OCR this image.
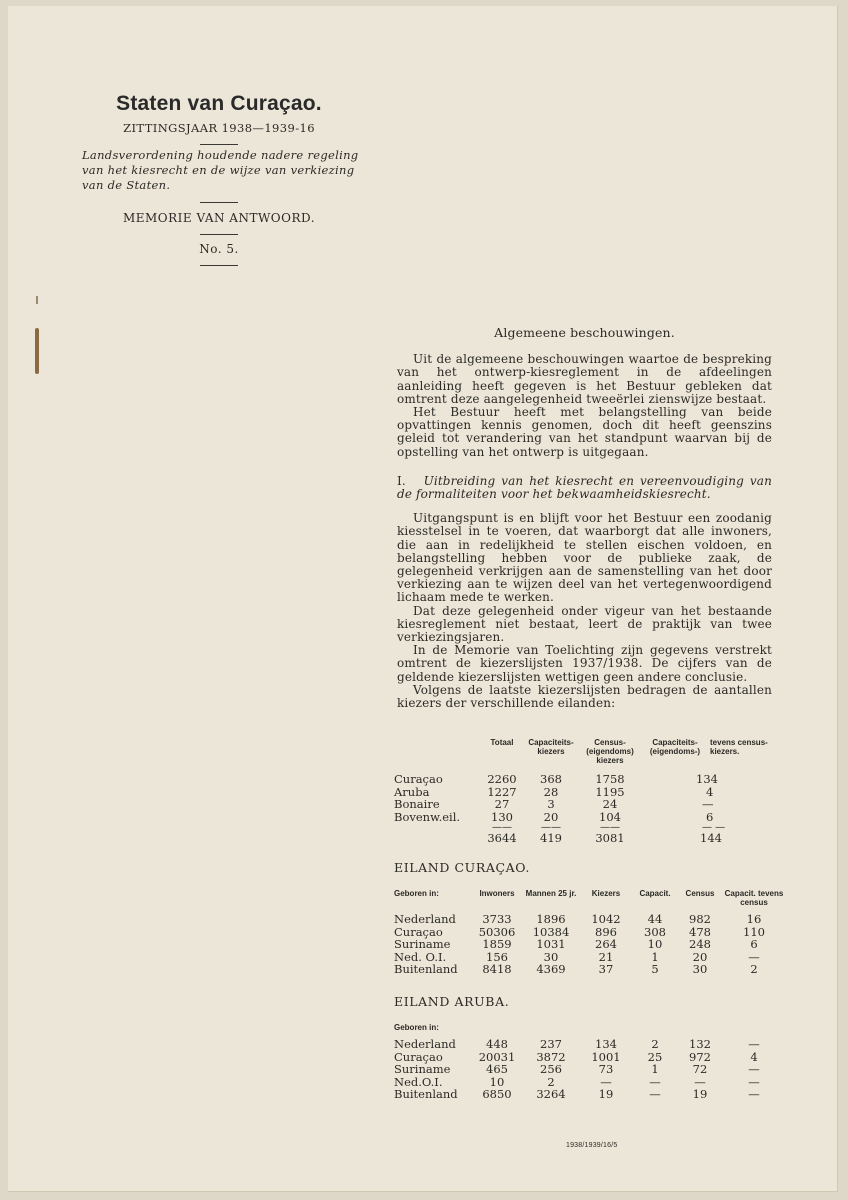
Staten van Curaçao.
ZITTINGSJAAR 1938—1939-16
Landsverordening houdende nadere regeling van het kiesrecht en de wijze van verkiezing van de Staten.
MEMORIE VAN ANTWOORD.
No. 5.

Algemeene beschouwingen.

Uit de algemeene beschouwingen waartoe de bespreking van het ontwerp-kiesreglement in de afdeelingen aanleiding heeft gegeven is het Bestuur gebleken dat omtrent deze aangelegenheid tweeërlei zienswijze bestaat.

Het Bestuur heeft met belangstelling van beide opvattingen kennis genomen, doch dit heeft geenszins geleid tot verandering van het standpunt waarvan bij de opstelling van het ontwerp is uitgegaan.

I. Uitbreiding van het kiesrecht en vereenvoudiging van de formaliteiten voor het bekwaamheidskiesrecht.

Uitgangspunt is en blijft voor het Bestuur een zoodanig kiesstelsel in te voeren, dat waarborgt dat alle inwoners, die aan in redelijkheid te stellen eischen voldoen, en belangstelling hebben voor de publieke zaak, de gelegenheid verkrijgen aan de samenstelling van het door verkiezing aan te wijzen deel van het vertegenwoordigend lichaam mede te werken.

Dat deze gelegenheid onder vigeur van het bestaande kiesreglement niet bestaat, leert de praktijk van twee verkiezingsjaren.

In de Memorie van Toelichting zijn gegevens verstrekt omtrent de kiezerslijsten 1937/1938. De cijfers van de geldende kiezerslijsten wettigen geen andere conclusie.

Volgens de laatste kiezerslijsten bedragen de aantallen kiezers der verschillende eilanden:

	Totaal	Capaciteits-kiezers	Census-(eigendoms) kiezers	Capaciteits- (eigendoms-)	tevens census-kiezers.

Curaçao	2260	368	1758	134	
Aruba	1227	28	1195	4	
Bonaire	27	3	24	—	
Bovenw.eil.	130	20	104	6	
	——	——	——	— —	
	3644	419	3081	144	
EILAND CURAÇAO.
Geboren in:	Inwoners	Mannen 25 jr.	Kiezers	Capacit.	Census	Capacit. tevens census

Nederland	3733	1896	1042	44	982	16
Curaçao	50306	10384	896	308	478	110
Suriname	1859	1031	264	10	248	6
Ned. O.I.	156	30	21	1	20	—
Buitenland	8418	4369	37	5	30	2
EILAND ARUBA.
Geboren in:						

Nederland	448	237	134	2	132	—
Curaçao	20031	3872	1001	25	972	4
Suriname	465	256	73	1	72	—
Ned.O.I.	10	2	—	—	—	—
Buitenland	6850	3264	19	—	19	—
1938/1939/16/5
